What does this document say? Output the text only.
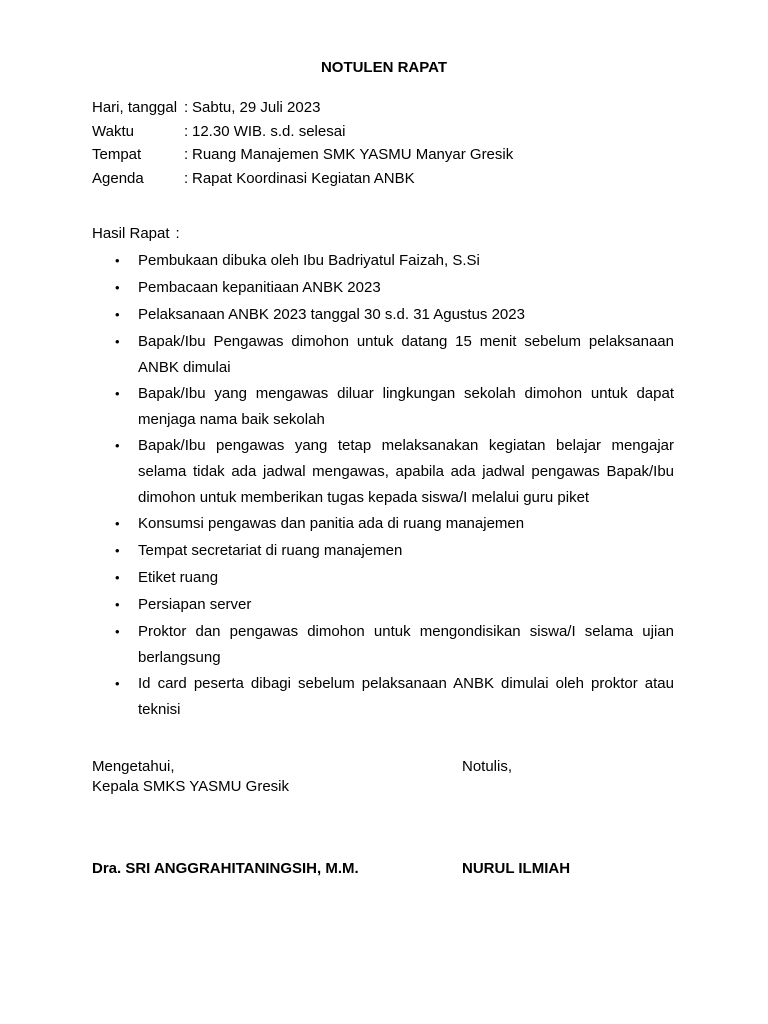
NOTULEN RAPAT
Hari, tanggal : Sabtu, 29 Juli 2023
Waktu	: 12.30 WIB. s.d. selesai
Tempat	: Ruang Manajemen SMK YASMU Manyar Gresik
Agenda	: Rapat Koordinasi Kegiatan ANBK
Hasil Rapat :
• Pembukaan dibuka oleh Ibu Badriyatul Faizah, S.Si
• Pembacaan kepanitiaan ANBK 2023
• Pelaksanaan ANBK 2023 tanggal 30 s.d. 31 Agustus 2023
• Bapak/Ibu Pengawas dimohon untuk datang 15 menit sebelum pelaksanaan ANBK dimulai
• Bapak/Ibu yang mengawas diluar lingkungan sekolah dimohon untuk dapat menjaga nama baik sekolah
• Bapak/Ibu pengawas yang tetap melaksanakan kegiatan belajar mengajar selama tidak ada jadwal mengawas, apabila ada jadwal pengawas Bapak/Ibu dimohon untuk memberikan tugas kepada siswa/I melalui guru piket
• Konsumsi pengawas dan panitia ada di ruang manajemen
• Tempat secretariat di ruang manajemen
• Etiket ruang
• Persiapan server
• Proktor dan pengawas dimohon untuk mengondisikan siswa/I selama ujian berlangsung
• Id card peserta dibagi sebelum pelaksanaan ANBK dimulai oleh proktor atau teknisi
Mengetahui,
Kepala SMKS YASMU Gresik
Notulis,
Dra. SRI ANGGRAHITANINGSIH, M.M.	NURUL ILMIAH
